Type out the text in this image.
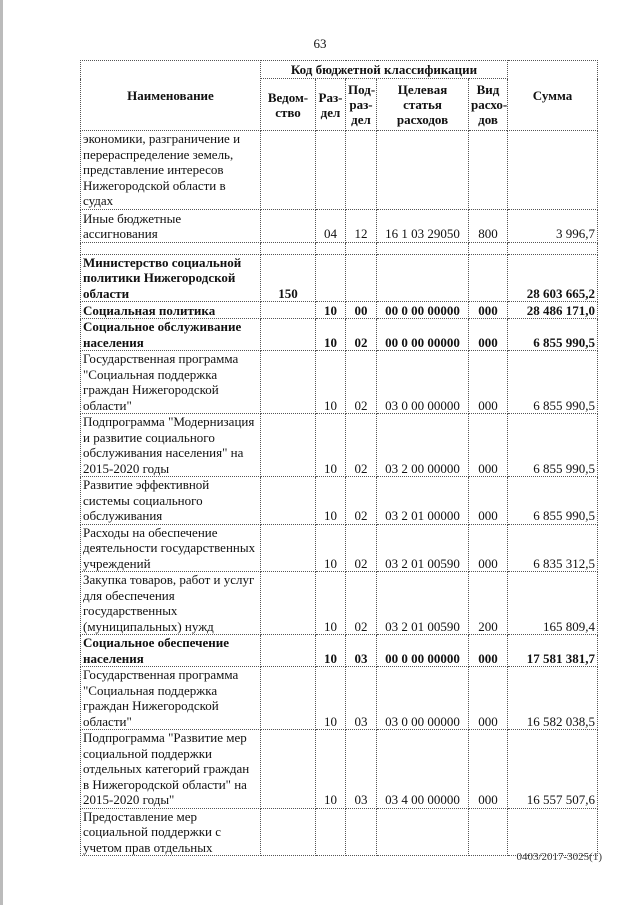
63
Наименование	Код бюджетной классификации					Сумма
	Ведом-ство	Раз-дел	Под-раз-дел	Целевая статья расходов	Вид расхо-дов	
экономики, разграничение и перераспределение земель, представление интересов Нижегородской области в судах						
Иные бюджетные ассигнования		04	12	16 1 03 29050	800	3 996,7

Министерство социальной политики Нижегородской области	150					28 603 665,2
Социальная политика		10	00	00 0 00 00000	000	28 486 171,0
Социальное обслуживание населения		10	02	00 0 00 00000	000	6 855 990,5
Государственная программа "Социальная поддержка граждан Нижегородской области"		10	02	03 0 00 00000	000	6 855 990,5
Подпрограмма "Модернизация и развитие социального обслуживания населения" на 2015-2020 годы		10	02	03 2 00 00000	000	6 855 990,5
Развитие эффективной системы социального обслуживания		10	02	03 2 01 00000	000	6 855 990,5
Расходы на обеспечение деятельности государственных учреждений		10	02	03 2 01 00590	000	6 835 312,5
Закупка товаров, работ и услуг для обеспечения государственных (муниципальных) нужд		10	02	03 2 01 00590	200	165 809,4
Социальное обеспечение населения		10	03	00 0 00 00000	000	17 581 381,7
Государственная программа "Социальная поддержка граждан Нижегородской области"		10	03	03 0 00 00000	000	16 582 038,5
Подпрограмма "Развитие мер социальной поддержки отдельных категорий граждан в Нижегородской области" на 2015-2020 годы"		10	03	03 4 00 00000	000	16 557 507,6
Предоставление мер социальной поддержки с учетом прав отдельных						
0403/2017-3025(1)
